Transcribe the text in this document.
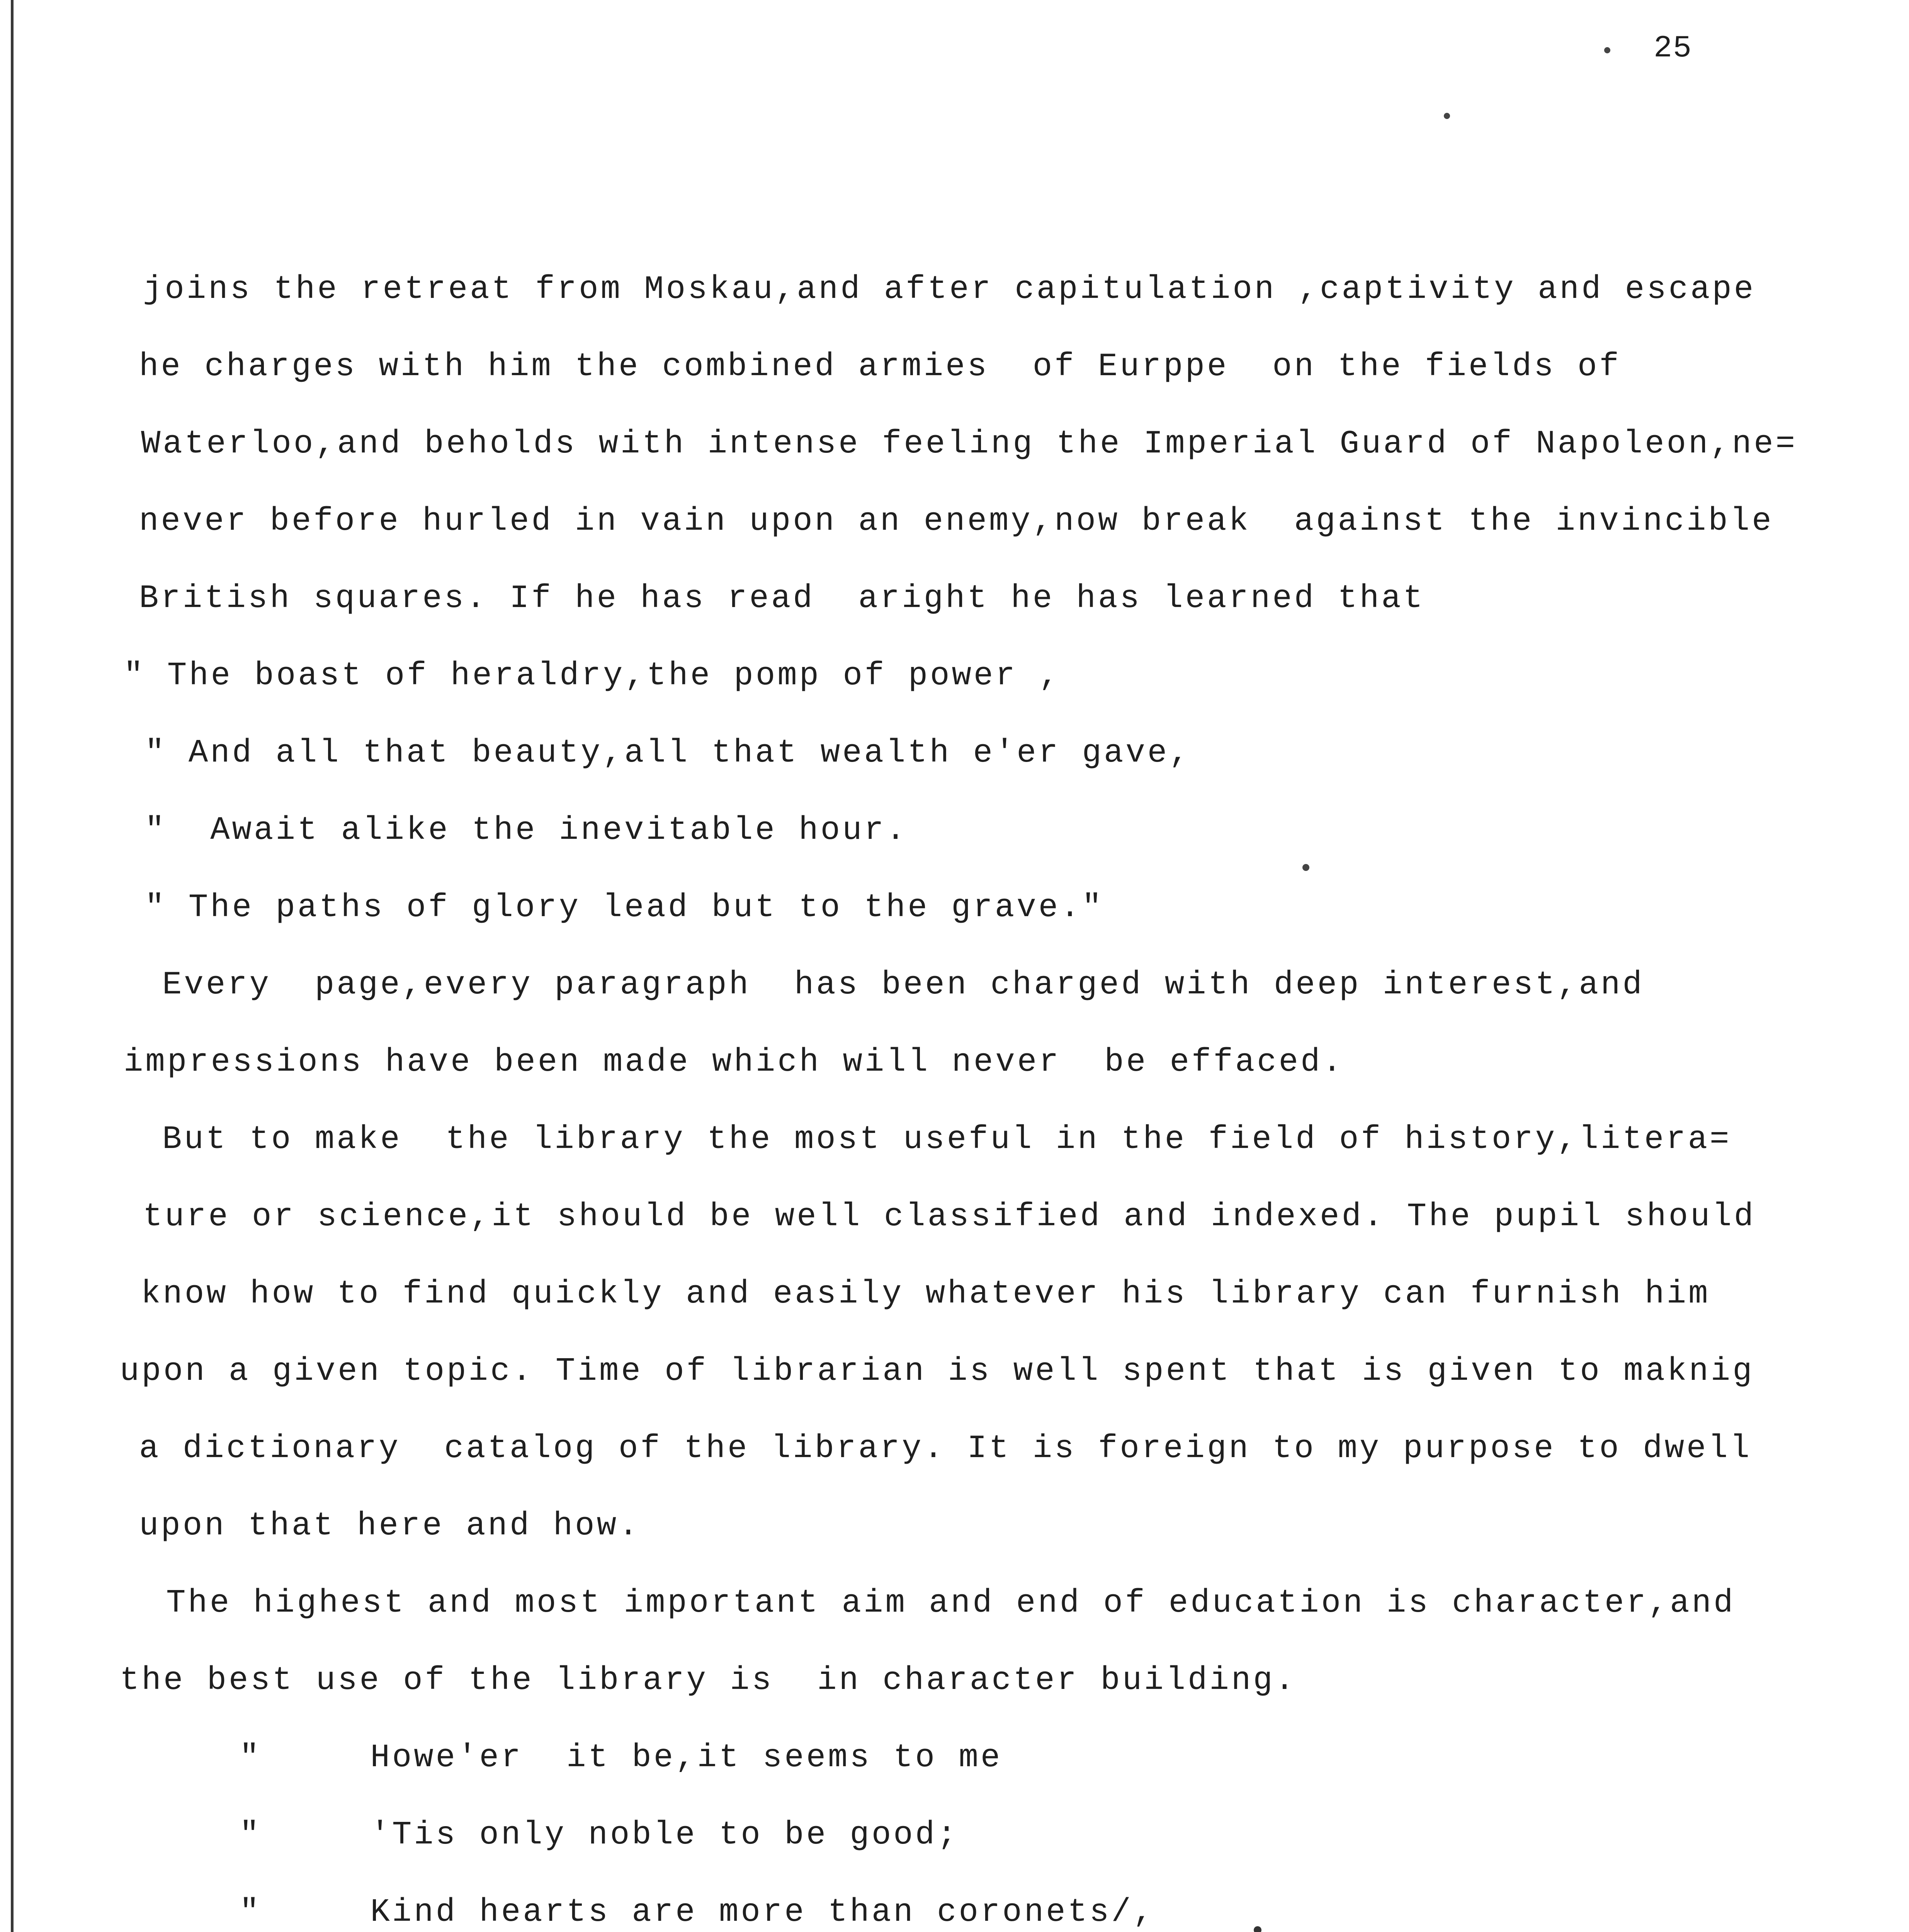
25
joins the retreat from Moskau,and after capitulation ,captivity and escape
he charges with him the combined armies  of Eurppe  on the fields of
Waterloo,and beholds with intense feeling the Imperial Guard of Napoleon,ne=
never before hurled in vain upon an enemy,now break  against the invincible
British squares. If he has read  aright he has learned that
" The boast of heraldry,the pomp of power ,
" And all that beauty,all that wealth e'er gave,
"  Await alike the inevitable hour.
" The paths of glory lead but to the grave."
Every  page,every paragraph  has been charged with deep interest,and
impressions have been made which will never  be effaced.
But to make  the library the most useful in the field of history,litera=
ture or science,it should be well classified and indexed. The pupil should
know how to find quickly and easily whatever his library can furnish him
upon a given topic. Time of librarian is well spent that is given to maknig
a dictionary  catalog of the library. It is foreign to my purpose to dwell
upon that here and how.
The highest and most important aim and end of education is character,and
the best use of the library is  in character building.
"     Howe'er  it be,it seems to me
"     'Tis only noble to be good;
"     Kind hearts are more than coronets/,
